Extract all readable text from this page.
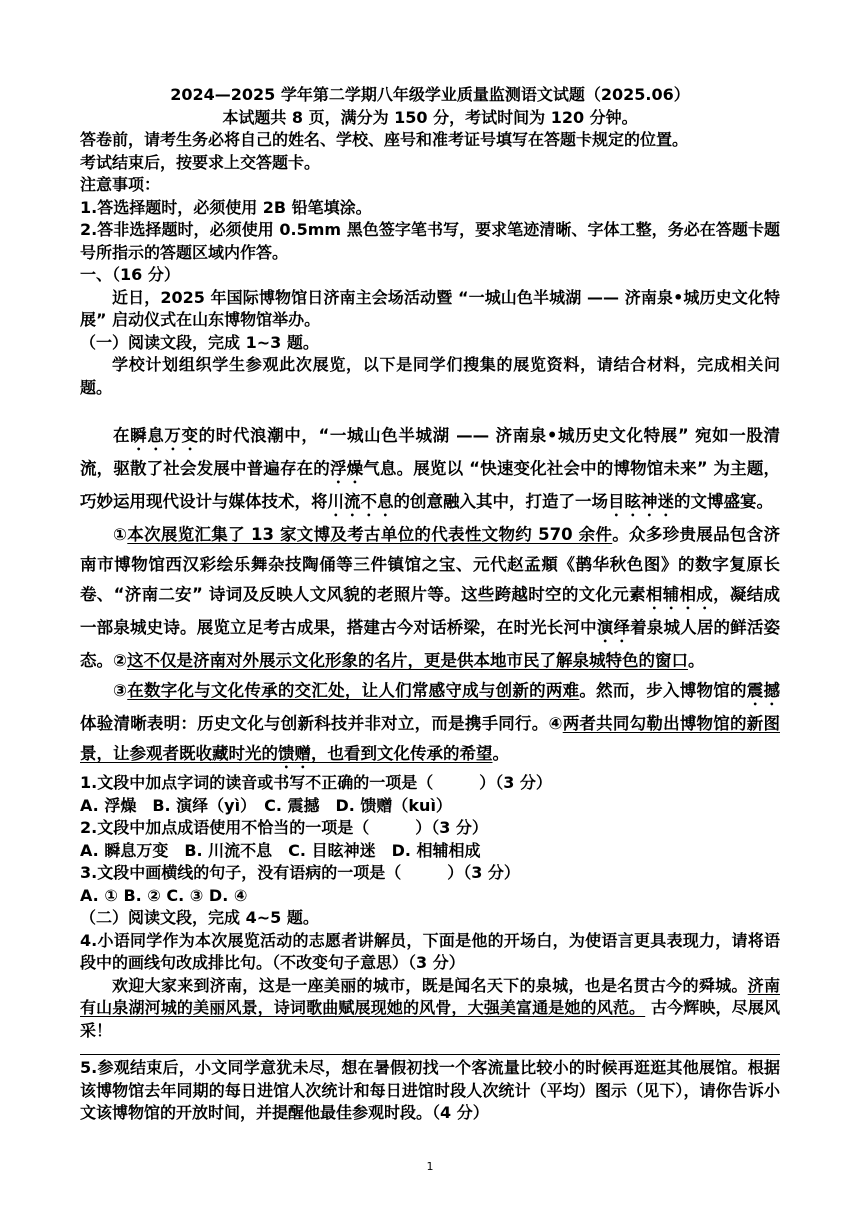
2024—2025 学年第二学期八年级学业质量监测语文试题（2025.06）
本试题共 8 页，满分为 150 分，考试时间为 120 分钟。
答卷前，请考生务必将自己的姓名、学校、座号和准考证号填写在答题卡规定的位置。
考试结束后，按要求上交答题卡。
注意事项：
1.答选择题时，必须使用 2B 铅笔填涂。
2.答非选择题时，必须使用 0.5mm 黑色签字笔书写，要求笔迹清晰、字体工整，务必在答题卡题号所指示的答题区域内作答。
一、（16 分）
近日，2025 年国际博物馆日济南主会场活动暨 “一城山色半城湖 —— 济南泉•城历史文化特展” 启动仪式在山东博物馆举办。
（一）阅读文段，完成 1~3 题。
学校计划组织学生参观此次展览，以下是同学们搜集的展览资料，请结合材料，完成相关问题。
在瞬息万变的时代浪潮中，“一城山色半城湖 —— 济南泉•城历史文化特展” 宛如一股清流，驱散了社会发展中普遍存在的浮燥气息。展览以 “快速变化社会中的博物馆未来” 为主题，巧妙运用现代设计与媒体技术，将川流不息的创意融入其中，打造了一场目眩神迷的文博盛宴。
①本次展览汇集了 13 家文博及考古单位的代表性文物约 570 余件。众多珍贵展品包含济南市博物馆西汉彩绘乐舞杂技陶俑等三件镇馆之宝、元代赵孟頫《鹊华秋色图》的数字复原长卷、“济南二安” 诗词及反映人文风貌的老照片等。这些跨越时空的文化元素相辅相成，凝结成一部泉城史诗。展览立足考古成果，搭建古今对话桥梁，在时光长河中演绎着泉城人居的鲜活姿态。②这不仅是济南对外展示文化形象的名片，更是供本地市民了解泉城特色的窗口。
③在数字化与文化传承的交汇处，让人们常感守成与创新的两难。然而，步入博物馆的震撼体验清晰表明：历史文化与创新科技并非对立，而是携手同行。④两者共同勾勒出博物馆的新图景，让参观者既收藏时光的馈赠，也看到文化传承的希望。
1.文段中加点字词的读音或书写不正确的一项是（	）（3 分）
A. 浮燥　B. 演绎（yì）　C. 震撼　D. 馈赠（kuì）
2.文段中加点成语使用不恰当的一项是（	）（3 分）
A. 瞬息万变　B. 川流不息　C. 目眩神迷　D. 相辅相成
3.文段中画横线的句子，没有语病的一项是（	）（3 分）
A. ① B. ② C. ③ D. ④
（二）阅读文段，完成 4~5 题。
4.小语同学作为本次展览活动的志愿者讲解员，下面是他的开场白，为使语言更具表现力，请将语段中的画线句改成排比句。（不改变句子意思）（3 分）
欢迎大家来到济南，这是一座美丽的城市，既是闻名天下的泉城，也是名贯古今的舜城。济南有山泉湖河城的美丽风景，诗词歌曲赋展现她的风骨，大强美富通是她的风范。 古今辉映，尽展风采！
5.参观结束后，小文同学意犹未尽，想在暑假初找一个客流量比较小的时候再逛逛其他展馆。根据该博物馆去年同期的每日进馆人次统计和每日进馆时段人次统计（平均）图示（见下），请你告诉小文该博物馆的开放时间，并提醒他最佳参观时段。（4 分）
1
